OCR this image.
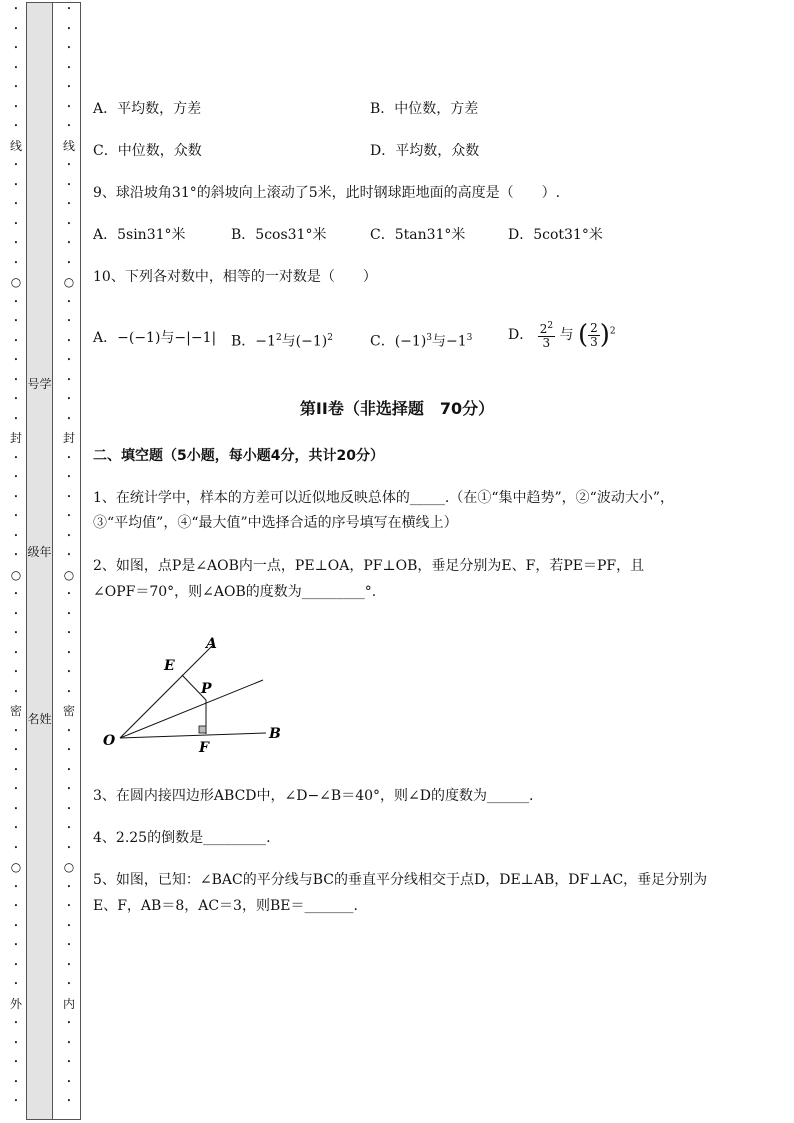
•
•
•
•
•
•
•
线
•
•
•
•
•
•
○
•
•
•
•
•
•
•
封
•
•
•
•
•
•
○
•
•
•
•
•
•
密
•
•
•
•
•
•
•
○
•
•
•
•
•
•
外
•
•
•
•
•
•
•
•
•
•
•
•
线
•
•
•
•
•
•
○
•
•
•
•
•
•
•
封
•
•
•
•
•
•
○
•
•
•
•
•
•
密
•
•
•
•
•
•
•
○
•
•
•
•
•
•
内
•
•
•
•
•
号学
级年
名姓
A．平均数，方差	B．中位数，方差
C．中位数，众数	D．平均数，众数
9、球沿坡角31°的斜坡向上滚动了5米，此时钢球距地面的高度是（　　）.
A．5sin31°米	B．5cos31°米	C．5tan31°米	D．5cot31°米
10、下列各对数中，相等的一对数是（　　）
A．−(−1)与−|−1| B．$-1^2$与$(-1)^2$	C．$(-1)^3$与$-1^3$	D． $\frac{2^2}{3}$ 与 ( $\frac{2}{3} )^2$
第II卷（非选择题　70分）
二、填空题（5小题，每小题4分，共计20分）
1、在统计学中，样本的方差可以近似地反映总体的_____.（在①“集中趋势”，②“波动大小”，
③“平均值”，④“最大值”中选择合适的序号填写在横线上）
2、如图，点P是∠AOB内一点，PE⊥OA，PF⊥OB，垂足分别为E、F，若PE＝PF，且
∠OPF＝70°，则∠AOB的度数为_________°.
A
E
P
O	F
B
3、在圆内接四边形ABCD中，∠D−∠B＝40°，则∠D的度数为______.
4、2.25的倒数是_________.
5、如图，已知：∠BAC的平分线与BC的垂直平分线相交于点D，DE⊥AB，DF⊥AC，垂足分别为
E、F，AB＝8，AC＝3，则BE＝_______.
